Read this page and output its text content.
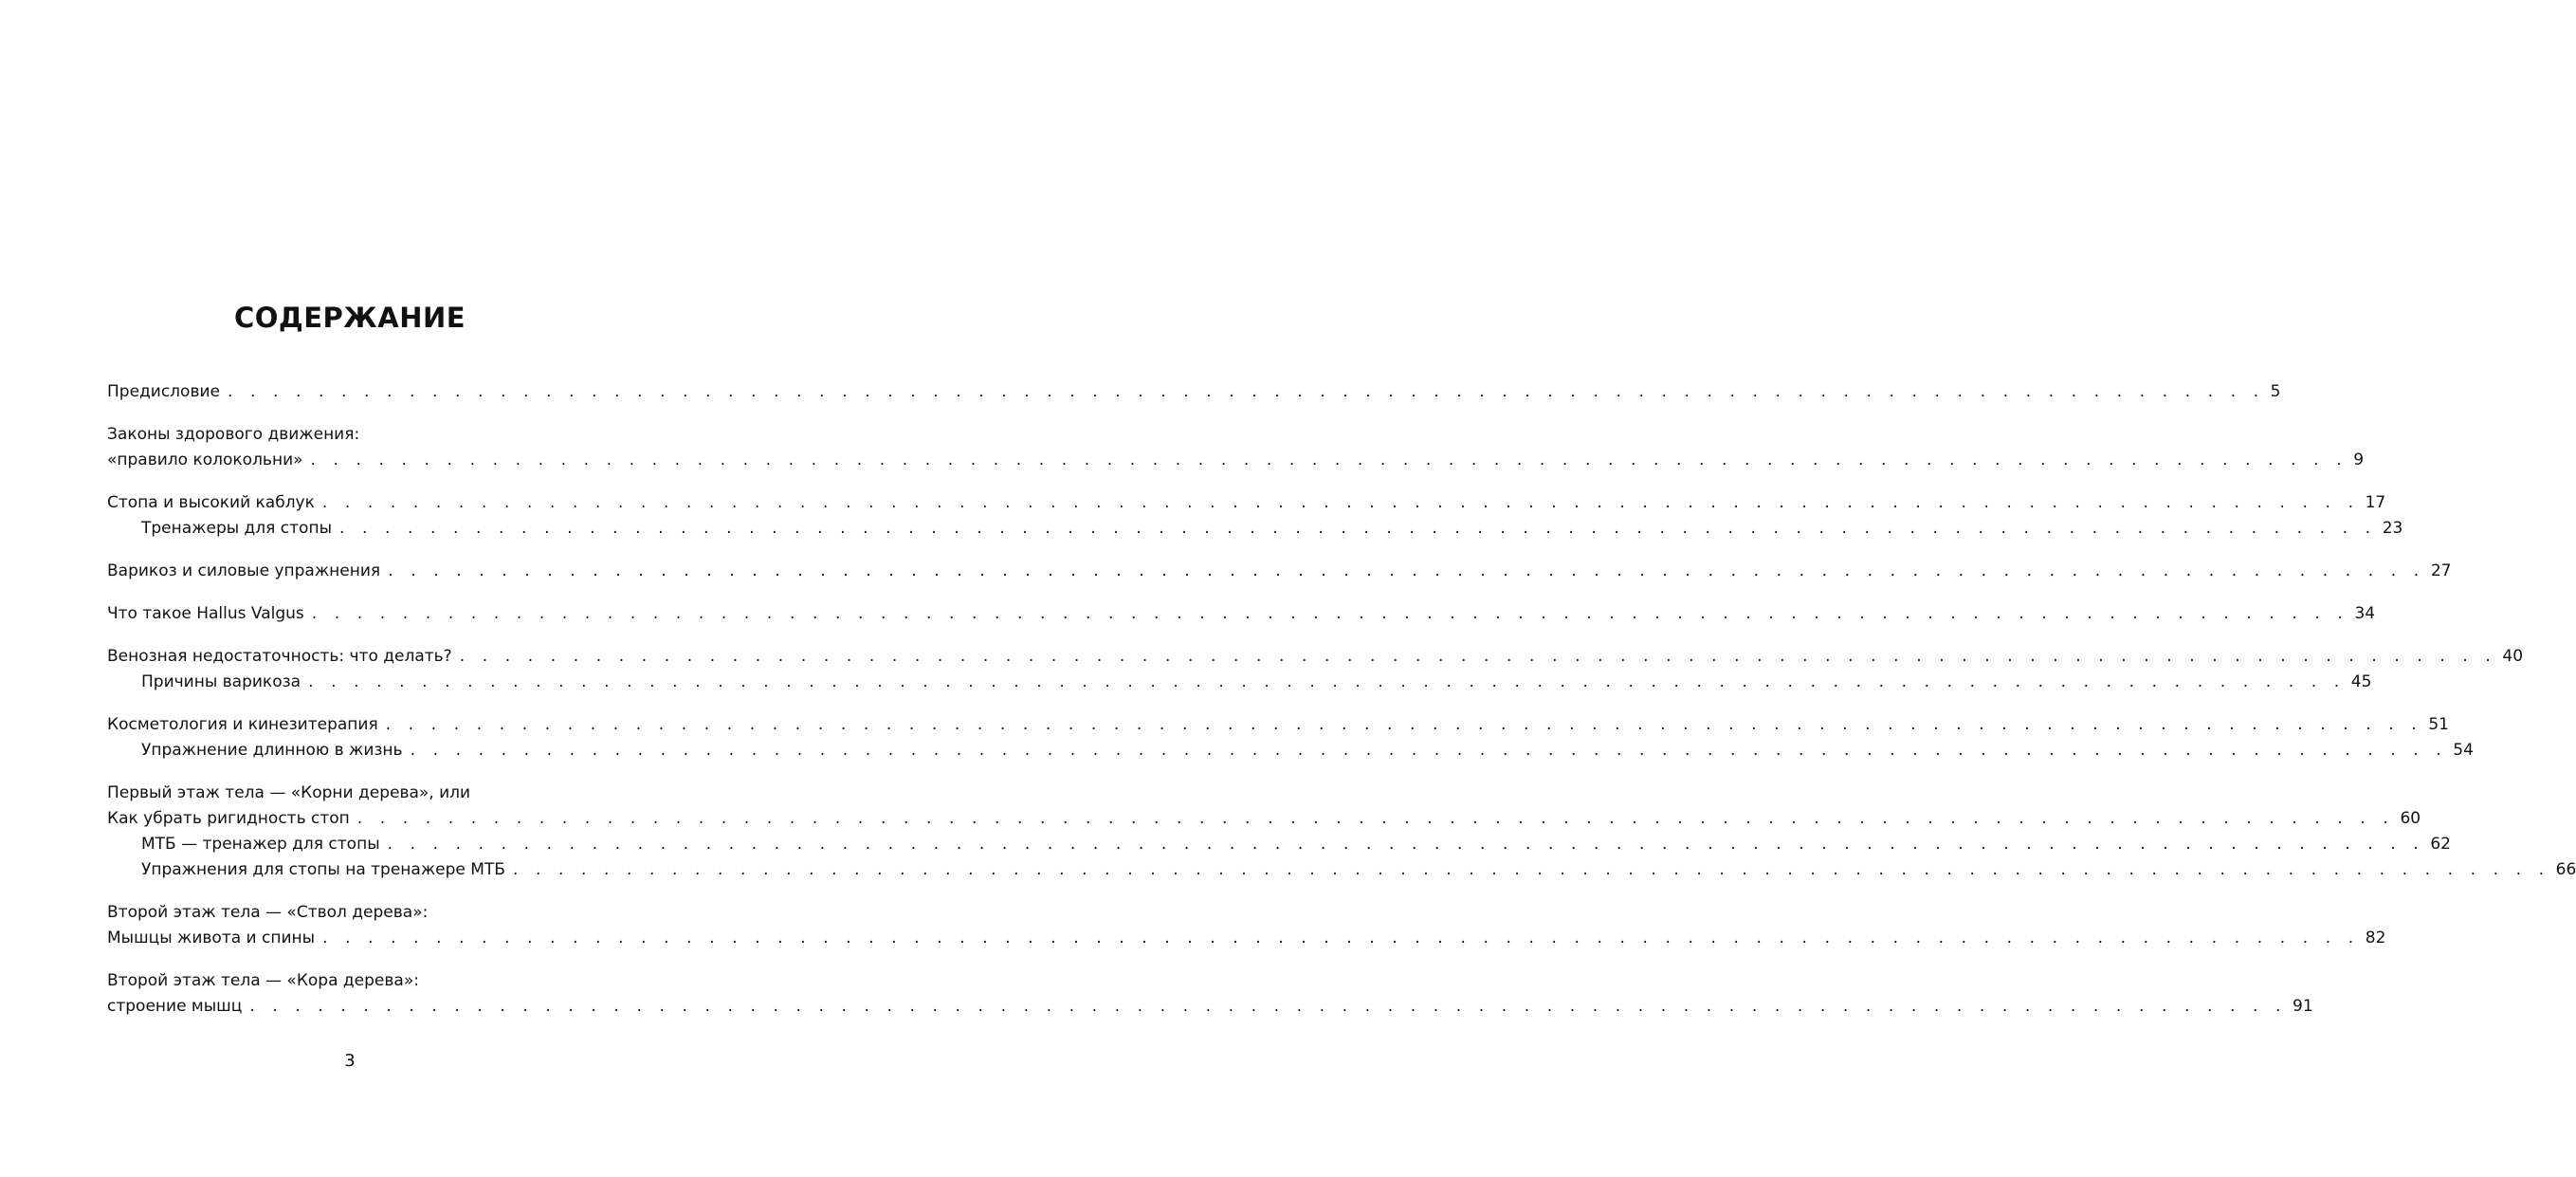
СОДЕРЖАНИЕ
Предисловие . . . . . . . . . . . . . . . . . . . . . . . . . . . . . . . . . . . . . . . . . . . . . . . . . . . . . . . . . . . . . . . . . . . . . . . . . . . . . . . . . . . . . . . . . . 5
Законы здорового движения:
«правило колокольни» . . . . . . . . . . . . . . . . . . . . . . . . . . . . . . . . . . . . . . . . . . . . . . . . . . . . . . . . . . . . . . . . . . . . . . . . . . . . . . . . . . . . . . . . . . 9
Стопа и высокий каблук . . . . . . . . . . . . . . . . . . . . . . . . . . . . . . . . . . . . . . . . . . . . . . . . . . . . . . . . . . . . . . . . . . . . . . . . . . . . . . . . . . . . . . . . . . 17
Тренажеры для стопы . . . . . . . . . . . . . . . . . . . . . . . . . . . . . . . . . . . . . . . . . . . . . . . . . . . . . . . . . . . . . . . . . . . . . . . . . . . . . . . . . . . . . . . . . . 23
Варикоз и силовые упражнения . . . . . . . . . . . . . . . . . . . . . . . . . . . . . . . . . . . . . . . . . . . . . . . . . . . . . . . . . . . . . . . . . . . . . . . . . . . . . . . . . . . . . . . . . . 27
Что такое Hallus Valgus . . . . . . . . . . . . . . . . . . . . . . . . . . . . . . . . . . . . . . . . . . . . . . . . . . . . . . . . . . . . . . . . . . . . . . . . . . . . . . . . . . . . . . . . . . 34
Венозная недостаточность: что делать? . . . . . . . . . . . . . . . . . . . . . . . . . . . . . . . . . . . . . . . . . . . . . . . . . . . . . . . . . . . . . . . . . . . . . . . . . . . . . . . . . . . . . . . . . . 40
Причины варикоза . . . . . . . . . . . . . . . . . . . . . . . . . . . . . . . . . . . . . . . . . . . . . . . . . . . . . . . . . . . . . . . . . . . . . . . . . . . . . . . . . . . . . . . . . . 45
Косметология и кинезитерапия . . . . . . . . . . . . . . . . . . . . . . . . . . . . . . . . . . . . . . . . . . . . . . . . . . . . . . . . . . . . . . . . . . . . . . . . . . . . . . . . . . . . . . . . . . 51
Упражнение длинною в жизнь . . . . . . . . . . . . . . . . . . . . . . . . . . . . . . . . . . . . . . . . . . . . . . . . . . . . . . . . . . . . . . . . . . . . . . . . . . . . . . . . . . . . . . . . . . 54
Первый этаж тела — «Корни дерева», или
Как убрать ригидность стоп . . . . . . . . . . . . . . . . . . . . . . . . . . . . . . . . . . . . . . . . . . . . . . . . . . . . . . . . . . . . . . . . . . . . . . . . . . . . . . . . . . . . . . . . . . 60
МТБ — тренажер для стопы . . . . . . . . . . . . . . . . . . . . . . . . . . . . . . . . . . . . . . . . . . . . . . . . . . . . . . . . . . . . . . . . . . . . . . . . . . . . . . . . . . . . . . . . . . 62
Упражнения для стопы на тренажере МТБ . . . . . . . . . . . . . . . . . . . . . . . . . . . . . . . . . . . . . . . . . . . . . . . . . . . . . . . . . . . . . . . . . . . . . . . . . . . . . . . . . . . . . . . . . . 66
Второй этаж тела — «Ствол дерева»:
Мышцы живота и спины . . . . . . . . . . . . . . . . . . . . . . . . . . . . . . . . . . . . . . . . . . . . . . . . . . . . . . . . . . . . . . . . . . . . . . . . . . . . . . . . . . . . . . . . . . 82
Второй этаж тела — «Кора дерева»:
строение мышц . . . . . . . . . . . . . . . . . . . . . . . . . . . . . . . . . . . . . . . . . . . . . . . . . . . . . . . . . . . . . . . . . . . . . . . . . . . . . . . . . . . . . . . . . . 91
3
